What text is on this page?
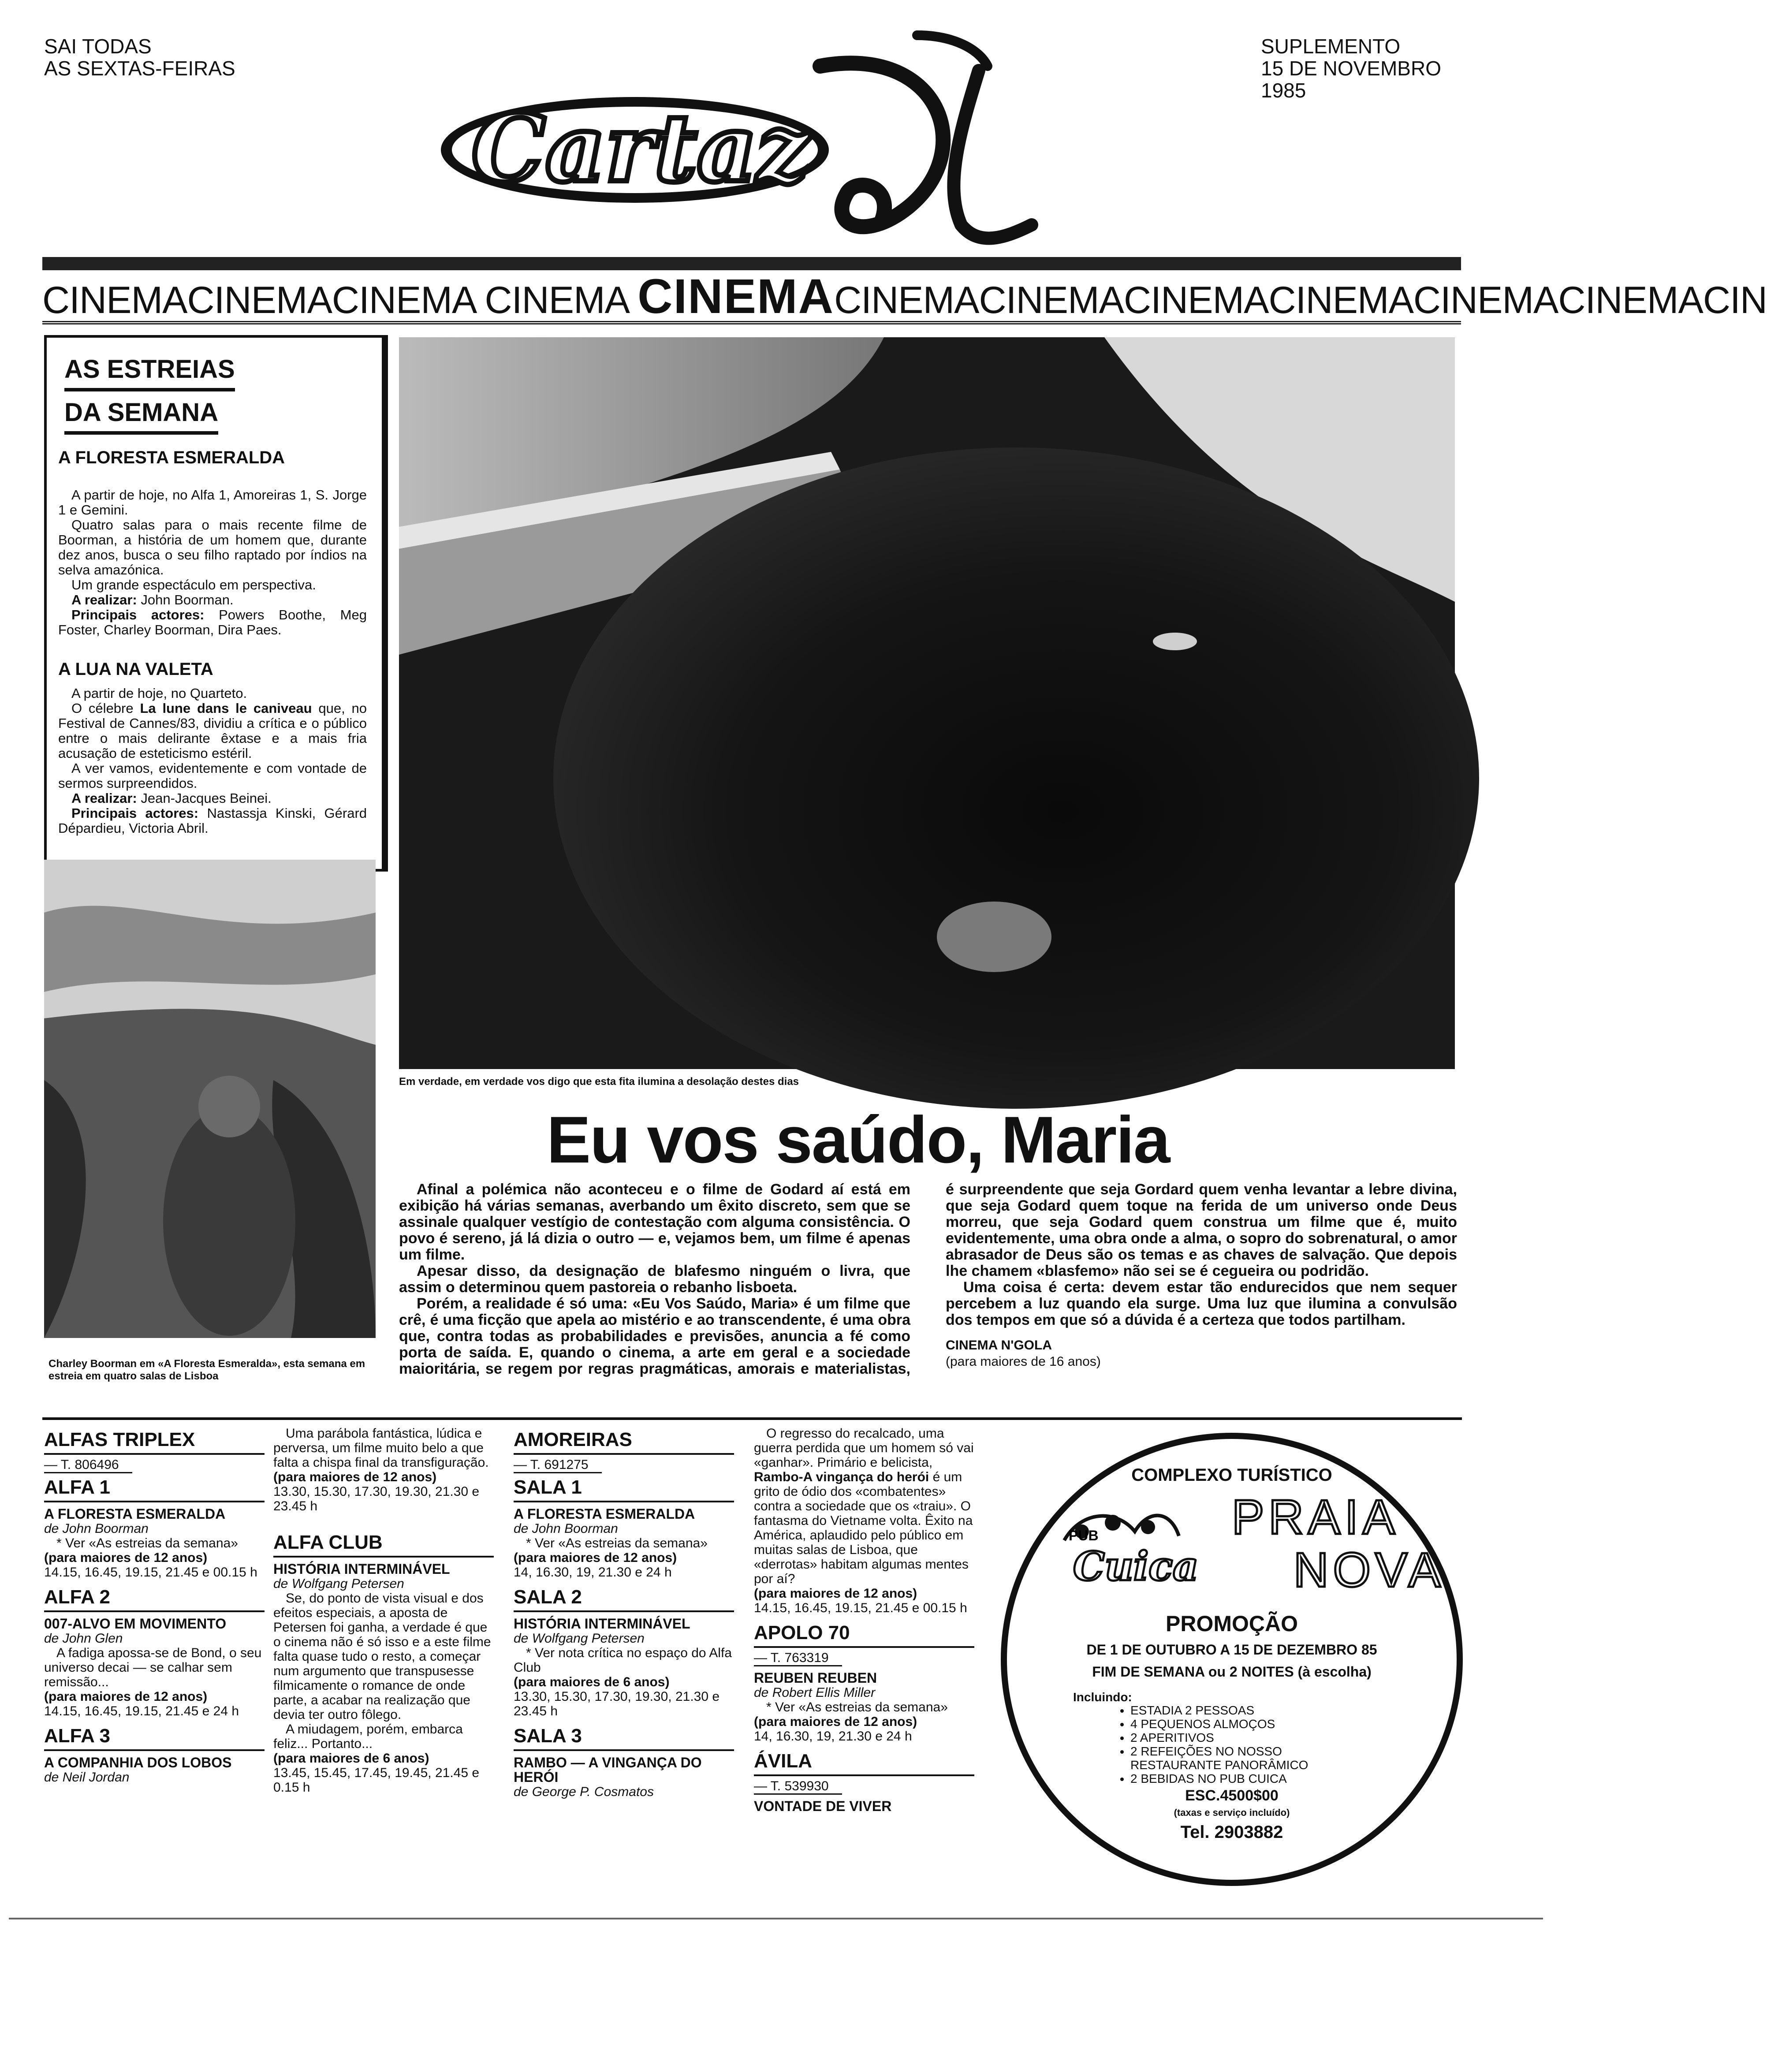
SAI TODAS
AS SEXTAS-FEIRAS
SUPLEMENTO
15 DE NOVEMBRO
1985
Cartaz
CINEMACINEMACINEMA CINEMA CINEMACINEMACINEMACINEMACINEMACINEMACINEMACIN
AS ESTREIAS
DA SEMANA
A FLORESTA ESMERALDA

A partir de hoje, no Alfa 1, Amoreiras 1, S. Jorge 1 e Gemini.

Quatro salas para o mais recente filme de Boorman, a história de um homem que, durante dez anos, busca o seu filho raptado por índios na selva amazónica.

Um grande espectáculo em perspectiva.

A realizar: John Boorman.

Principais actores: Powers Boothe, Meg Foster, Charley Boorman, Dira Paes.

A LUA NA VALETA

A partir de hoje, no Quarteto.

O célebre La lune dans le caniveau que, no Festival de Cannes/83, dividiu a crítica e o público entre o mais delirante êxtase e a mais fria acusação de esteticismo estéril.

A ver vamos, evidentemente e com vontade de sermos surpreendidos.

A realizar: Jean-Jacques Beinei.

Principais actores: Nastassja Kinski, Gérard Dépardieu, Victoria Abril.

Em verdade, em verdade vos digo que esta fita ilumina a desolação destes dias
Charley Boorman em «A Floresta Esmeralda», esta semana em estreia em quatro salas de Lisboa
Eu vos saúdo, Maria

Afinal a polémica não aconteceu e o filme de Godard aí está em exibição há várias semanas, averbando um êxito discreto, sem que se assinale qualquer vestígio de contestação com alguma consistência. O povo é sereno, já lá dizia o outro — e, vejamos bem, um filme é apenas um filme.

Apesar disso, da designação de blafesmo ninguém o livra, que assim o determinou quem pastoreia o rebanho lisboeta.

Porém, a realidade é só uma: «Eu Vos Saúdo, Maria» é um filme que crê, é uma ficção que apela ao mistério e ao transcendente, é uma obra que, contra todas as probabilidades e previsões, anuncia a fé como porta de saída. E, quando o cinema, a arte em geral e a sociedade maioritária, se regem por regras pragmáticas, amorais e materialistas, é surpreendente que seja Gordard quem venha levantar a lebre divina, que seja Godard quem toque na ferida de um universo onde Deus morreu, que seja Godard quem construa um filme que é, muito evidentemente, uma obra onde a alma, o sopro do sobrenatural, o amor abrasador de Deus são os temas e as chaves de salvação. Que depois lhe chamem «blasfemo» não sei se é cegueira ou podridão.

Uma coisa é certa: devem estar tão endurecidos que nem sequer percebem a luz quando ela surge. Uma luz que ilumina a convulsão dos tempos em que só a dúvida é a certeza que todos partilham.

CINEMA N'GOLA

(para maiores de 16 anos)

ALFAS TRIPLEX
— T. 806496
ALFA 1
A FLORESTA ESMERALDA
de John Boorman

* Ver «As estreias da semana»

(para maiores de 12 anos)
14.15, 16.45, 19.15, 21.45 e 00.15 h
ALFA 2
007-ALVO EM MOVIMENTO
de John Glen

A fadiga apossa-se de Bond, o seu universo decai — se calhar sem remissão...

(para maiores de 12 anos)
14.15, 16.45, 19.15, 21.45 e 24 h
ALFA 3
A COMPANHIA DOS LOBOS
de Neil Jordan

Uma parábola fantástica, lúdica e perversa, um filme muito belo a que falta a chispa final da transfiguração.

(para maiores de 12 anos)
13.30, 15.30, 17.30, 19.30, 21.30 e 23.45 h
ALFA CLUB
HISTÓRIA INTERMINÁVEL
de Wolfgang Petersen

Se, do ponto de vista visual e dos efeitos especiais, a aposta de Petersen foi ganha, a verdade é que o cinema não é só isso e a este filme falta quase tudo o resto, a começar num argumento que transpusesse filmicamente o romance de onde parte, a acabar na realização que devia ter outro fôlego.

A miudagem, porém, embarca feliz... Portanto...

(para maiores de 6 anos)
13.45, 15.45, 17.45, 19.45, 21.45 e 0.15 h
AMOREIRAS
— T. 691275
SALA 1
A FLORESTA ESMERALDA
de John Boorman

* Ver «As estreias da semana»

(para maiores de 12 anos)
14, 16.30, 19, 21.30 e 24 h
SALA 2
HISTÓRIA INTERMINÁVEL
de Wolfgang Petersen

* Ver nota crítica no espaço do Alfa Club

(para maiores de 6 anos)
13.30, 15.30, 17.30, 19.30, 21.30 e 23.45 h
SALA 3
RAMBO — A VINGANÇA DO HERÓI
de George P. Cosmatos

O regresso do recalcado, uma guerra perdida que um homem só vai «ganhar». Primário e belicista, Rambo-A vingança do herói é um grito de ódio dos «combatentes» contra a sociedade que os «traiu». O fantasma do Vietname volta. Êxito na América, aplaudido pelo público em muitas salas de Lisboa, que «derrotas» habitam algumas mentes por aí?

(para maiores de 12 anos)
14.15, 16.45, 19.15, 21.45 e 00.15 h
APOLO 70
— T. 763319
REUBEN REUBEN
de Robert Ellis Miller

* Ver «As estreias da semana»

(para maiores de 12 anos)
14, 16.30, 19, 21.30 e 24 h
ÁVILA
— T. 539930
VONTADE DE VIVER
COMPLEXO TURÍSTICO
PUB
Cuica
PRAIA
NOVA
PROMOÇÃO
DE 1 DE OUTUBRO A 15 DE DEZEMBRO 85
FIM DE SEMANA ou 2 NOITES (à escolha)
Incluindo:
• ESTADIA 2 PESSOAS
• 4 PEQUENOS ALMOÇOS
• 2 APERITIVOS
• 2 REFEIÇÕES NO NOSSO RESTAURANTE PANORÂMICO
• 2 BEBIDAS NO PUB CUICA
ESC.4500$00
(taxas e serviço incluído)
Tel. 2903882
